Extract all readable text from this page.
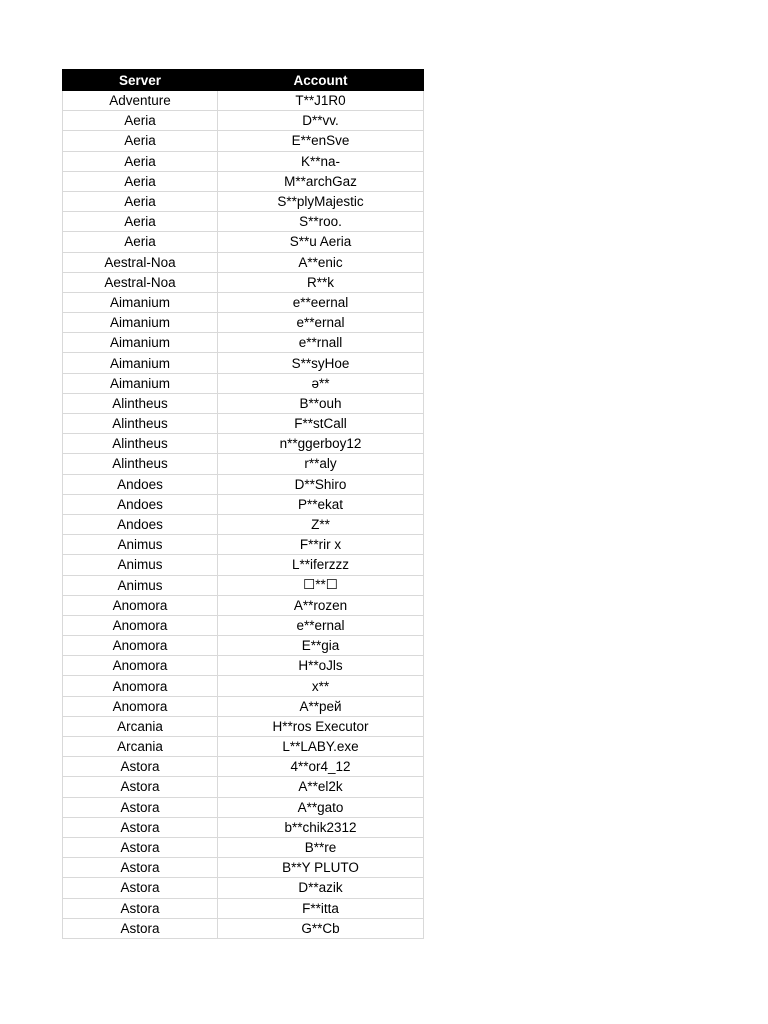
Server	Account
Adventure	T**J1R0
Aeria	D**vv.
Aeria	E**enSve
Aeria	K**na-
Aeria	M**archGaz
Aeria	S**plyMajestic
Aeria	S**roo.
Aeria	S**u Aeria
Aestral-Noa	A**enic
Aestral-Noa	R**k
Aimanium	e**eernal
Aimanium	e**ernal
Aimanium	e**rnall
Aimanium	S**syHoe
Aimanium	ə**
Alintheus	B**ouh
Alintheus	F**stCall
Alintheus	n**ggerboy12
Alintheus	r**aly
Andoes	D**Shiro
Andoes	P**ekat
Andoes	Z**
Animus	F**rir x
Animus	L**iferzzz
Animus	☐**☐
Anomora	A**rozen
Anomora	e**ernal
Anomora	E**gia
Anomora	H**oJls
Anomora	x**
Anomora	A**рей
Arcania	H**ros Executor
Arcania	L**LABY.exe
Astora	4**or4_12
Astora	A**el2k
Astora	A**gato
Astora	b**chik2312
Astora	B**re
Astora	B**Y PLUTO
Astora	D**azik
Astora	F**itta
Astora	G**Cb
